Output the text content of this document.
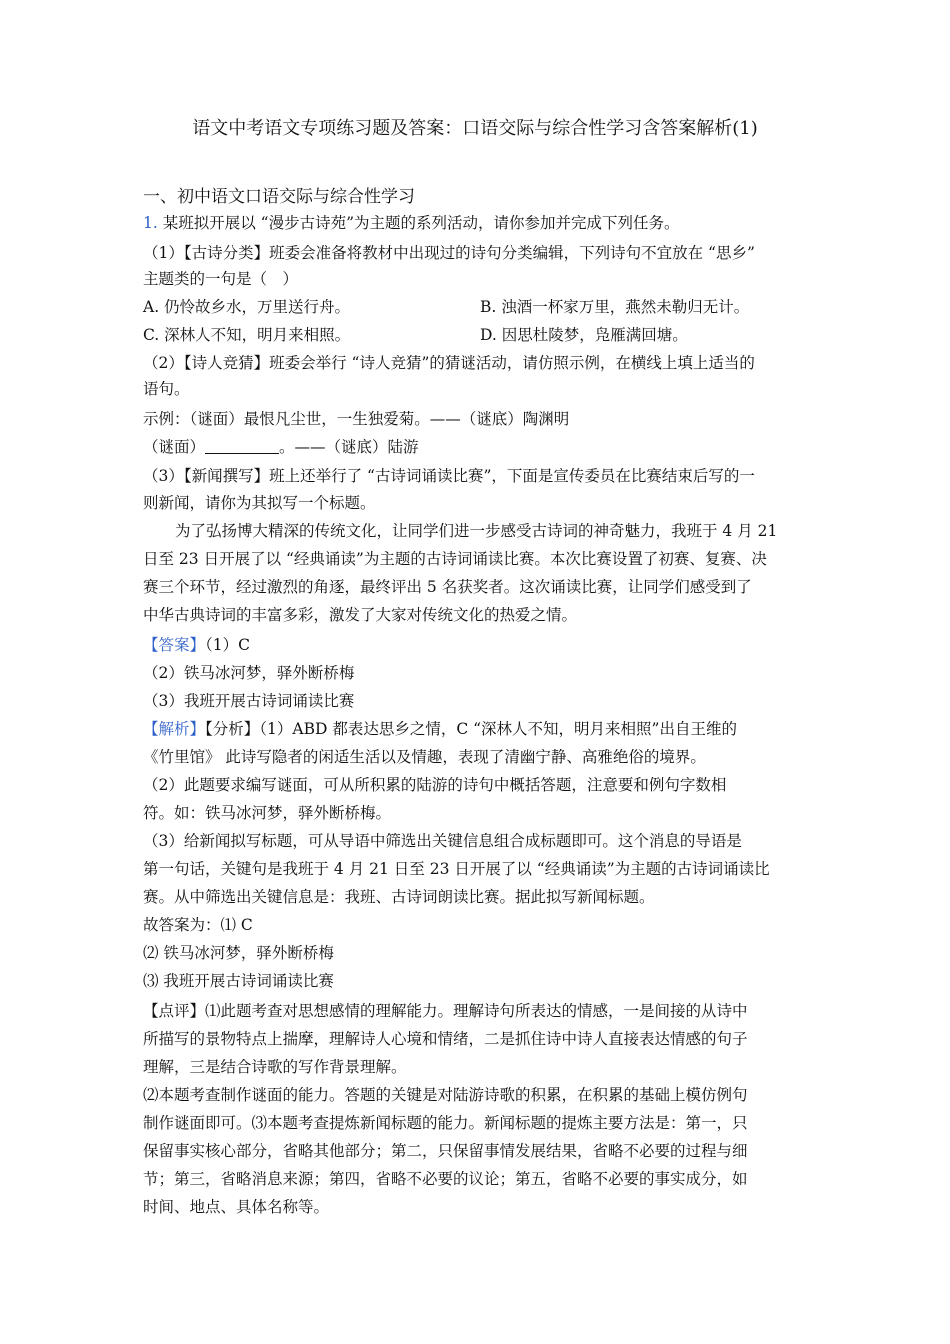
语文中考语文专项练习题及答案：口语交际与综合性学习含答案解析(1)
一、初中语文口语交际与综合性学习
1. 某班拟开展以 “漫步古诗苑”为主题的系列活动，请你参加并完成下列任务。
（1）【古诗分类】班委会准备将教材中出现过的诗句分类编辑，下列诗句不宜放在 “思乡”
主题类的一句是（　）
A. 仍怜故乡水，万里送行舟。	B. 浊酒一杯家万里，燕然未勒归无计。
C. 深林人不知，明月来相照。	D. 因思杜陵梦，凫雁满回塘。
（2）【诗人竞猜】班委会举行 “诗人竞猜”的猜谜活动，请仿照示例，在横线上填上适当的
语句。
示例：（谜面）最恨凡尘世，一生独爱菊。——（谜底）陶渊明
（谜面）	。——（谜底）陆游
（3）【新闻撰写】班上还举行了 “古诗词诵读比赛”，下面是宣传委员在比赛结束后写的一
则新闻，请你为其拟写一个标题。
为了弘扬博大精深的传统文化，让同学们进一步感受古诗词的神奇魅力，我班于 4 月 21
日至 23 日开展了以 “经典诵读”为主题的古诗词诵读比赛。本次比赛设置了初赛、复赛、决
赛三个环节，经过激烈的角逐，最终评出 5 名获奖者。这次诵读比赛，让同学们感受到了
中华古典诗词的丰富多彩，激发了大家对传统文化的热爱之情。
【答案】（1）C
（2）铁马冰河梦，驿外断桥梅
（3）我班开展古诗词诵读比赛
【解析】【分析】（1）ABD 都表达思乡之情，C “深林人不知，明月来相照”出自王维的
《竹里馆》 此诗写隐者的闲适生活以及情趣，表现了清幽宁静、高雅绝俗的境界。
（2）此题要求编写谜面，可从所积累的陆游的诗句中概括答题，注意要和例句字数相
符。如：铁马冰河梦，驿外断桥梅。
（3）给新闻拟写标题，可从导语中筛选出关键信息组合成标题即可。这个消息的导语是
第一句话，关键句是我班于 4 月 21 日至 23 日开展了以 “经典诵读”为主题的古诗词诵读比
赛。从中筛选出关键信息是：我班、古诗词朗读比赛。据此拟写新闻标题。
故答案为：⑴ C
⑵ 铁马冰河梦，驿外断桥梅
⑶ 我班开展古诗词诵读比赛
【点评】⑴此题考查对思想感情的理解能力。理解诗句所表达的情感，一是间接的从诗中
所描写的景物特点上揣摩，理解诗人心境和情绪，二是抓住诗中诗人直接表达情感的句子
理解，三是结合诗歌的写作背景理解。
⑵本题考查制作谜面的能力。答题的关键是对陆游诗歌的积累，在积累的基础上模仿例句
制作谜面即可。⑶本题考查提炼新闻标题的能力。新闻标题的提炼主要方法是：第一，只
保留事实核心部分，省略其他部分；第二，只保留事情发展结果，省略不必要的过程与细
节；第三，省略消息来源；第四，省略不必要的议论；第五，省略不必要的事实成分，如
时间、地点、具体名称等。
